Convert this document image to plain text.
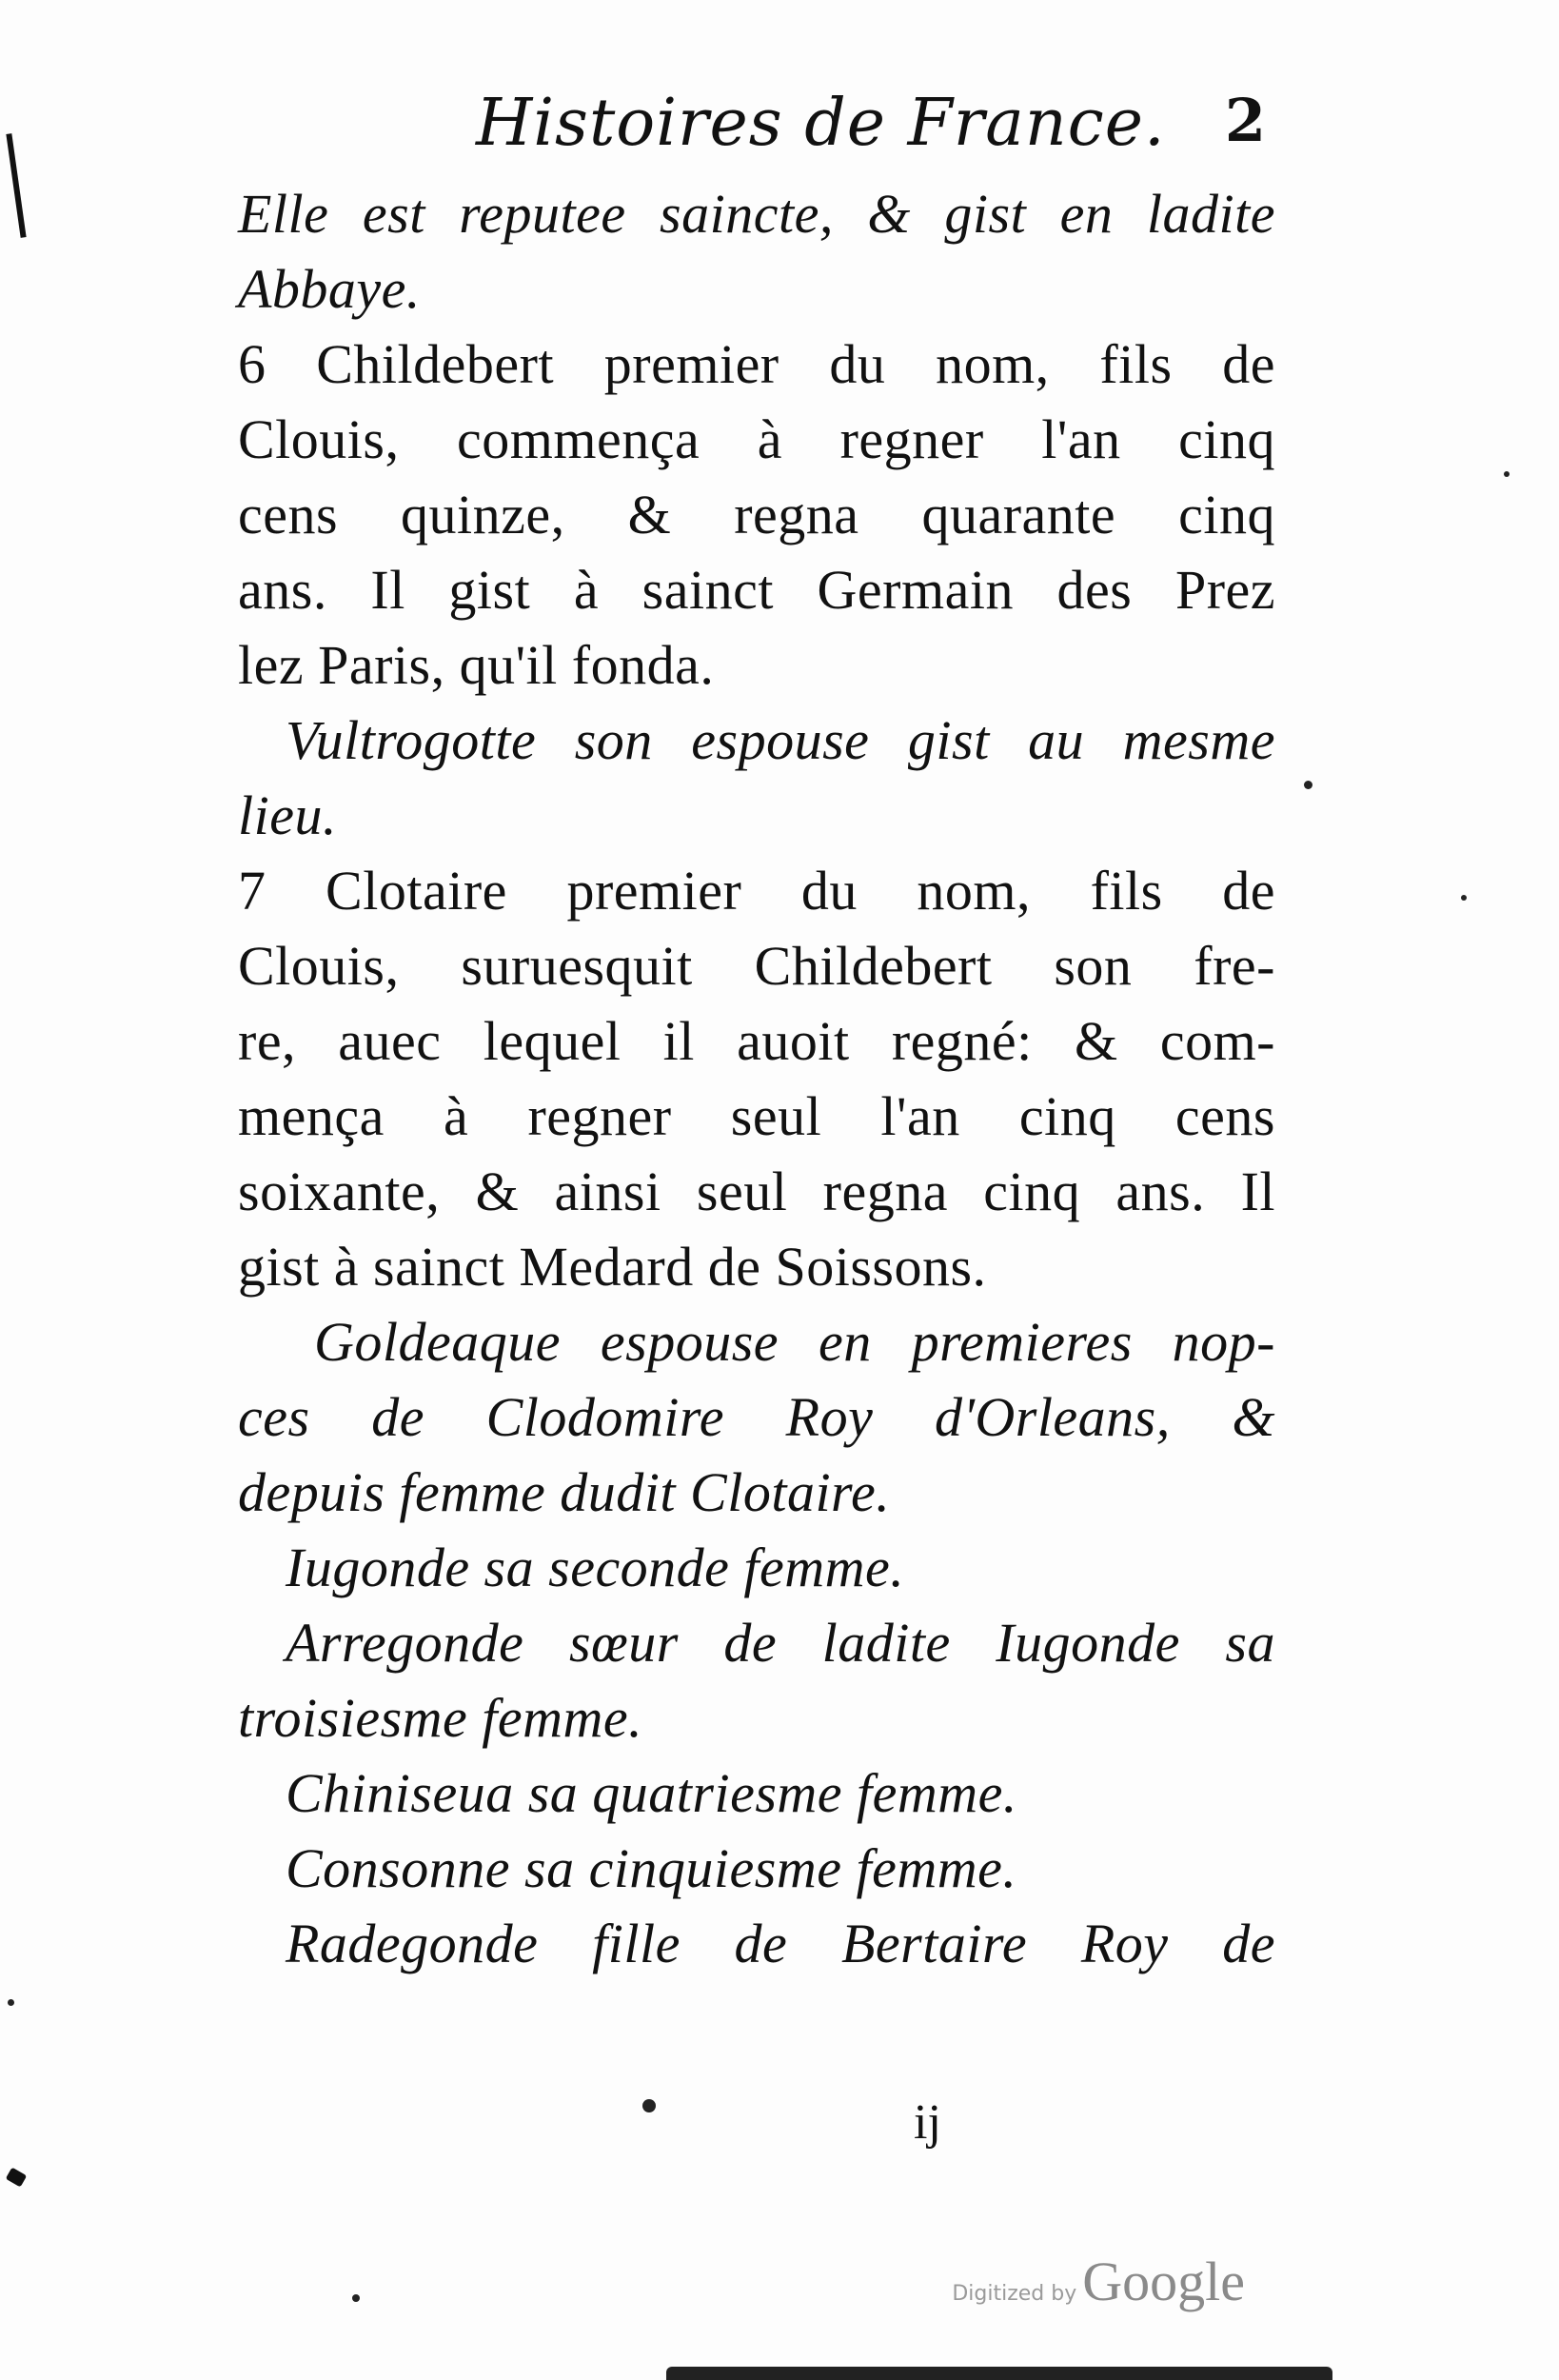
Histoires de France. 2
Elle est reputee saincte, & gist en ladite
Abbaye.
6 Childebert premier du nom, fils de
Clouis, commença à regner l'an cinq
cens quinze, & regna quarante cinq
ans. Il gist à sainct Germain des Prez
lez Paris, qu'il fonda.
Vultrogotte son espouse gist au mesme
lieu.
7 Clotaire premier du nom, fils de
Clouis, suruesquit Childebert son fre-
re, auec lequel il auoit regné: & com-
mença à regner seul l'an cinq cens
soixante, & ainsi seul regna cinq ans. Il
gist à sainct Medard de Soissons.
Goldeaque espouse en premieres nop-
ces de Clodomire Roy d'Orleans, &
depuis femme dudit Clotaire.
Iugonde sa seconde femme.
Arregonde sœur de ladite Iugonde sa
troisiesme femme.
Chiniseua sa quatriesme femme.
Consonne sa cinquiesme femme.
Radegonde fille de Bertaire Roy de
ij
Digitized by Google
